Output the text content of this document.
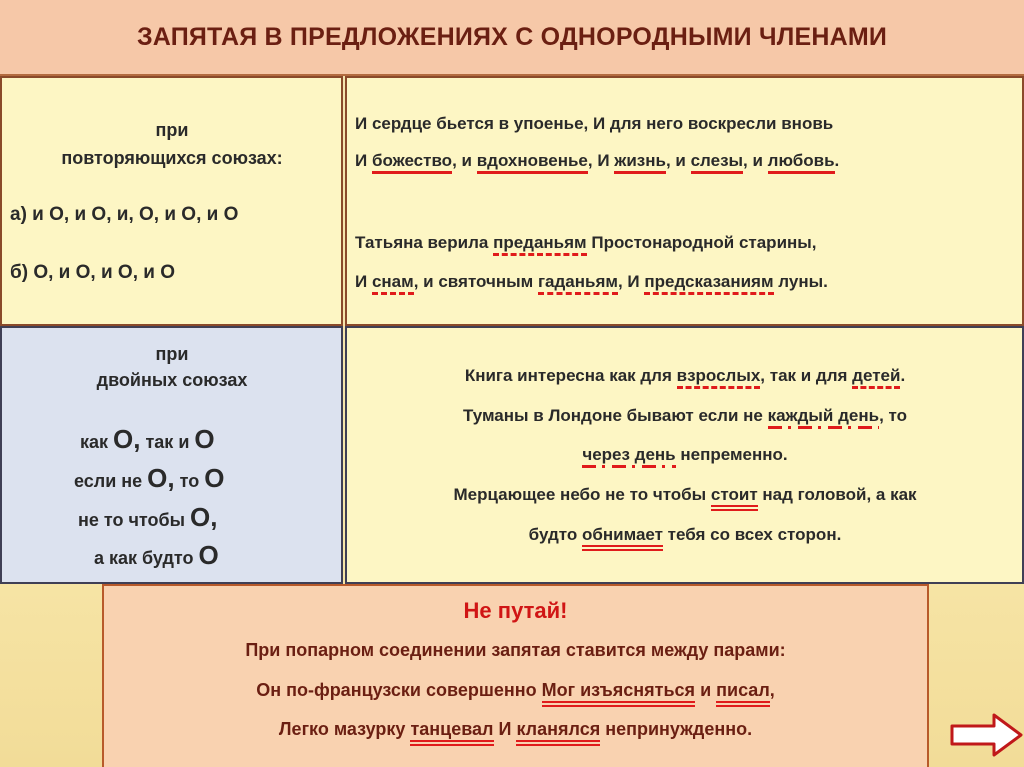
ЗАПЯТАЯ В ПРЕДЛОЖЕНИЯХ С ОДНОРОДНЫМИ ЧЛЕНАМИ
при
повторяющихся союзах:
а) и О, и О, и, О, и О, и О
б) О, и О, и О, и О
И сердце бьется в упоенье, И для него воскресли вновь
И божество, и вдохновенье, И жизнь, и слезы, и любовь.
Татьяна верила преданьям Простонародной старины,
И снам, и святочным гаданьям, И предсказаниям луны.
при
двойных союзах
как О, так и О
если не О, то О
не то чтобы О,
а как будто О
Книга интересна как для взрослых, так и для детей.
Туманы в Лондоне бывают если не каждый день, то
через день непременно.
Мерцающее небо не то чтобы стоит над головой, а как
будто обнимает тебя со всех сторон.
Не путай!
При попарном соединении запятая ставится между парами:
Он по-французски совершенно Мог изъясняться и писал,
Легко мазурку танцевал И кланялся непринужденно.
